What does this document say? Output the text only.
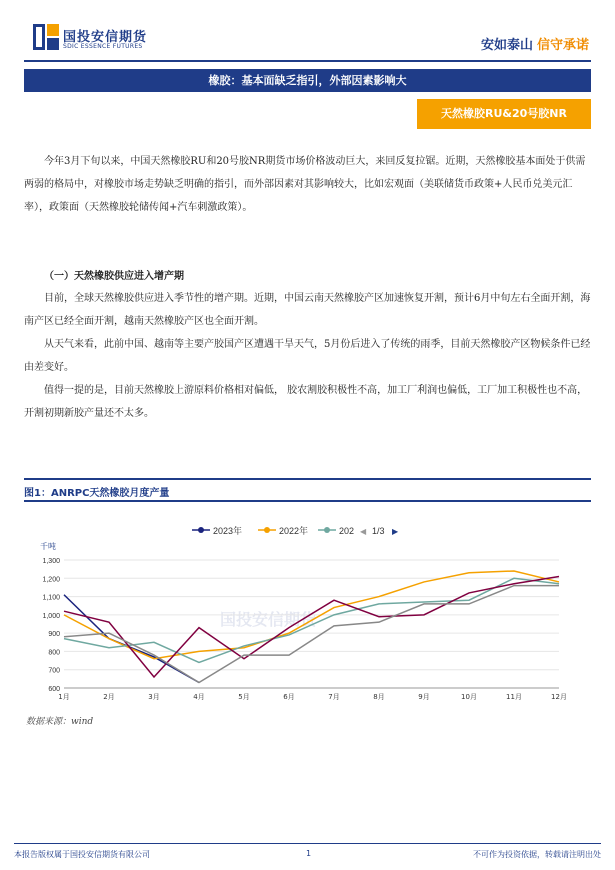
国投安信期货
SDIC ESSENCE FUTURES	安如泰山 信守承诺
橡胶：基本面缺乏指引，外部因素影响大
天然橡胶RU&20号胶NR
今年3月下旬以来，中国天然橡胶RU和20号胶NR期货市场价格波动巨大，来回反复拉锯。近期，天然橡胶基本面处于供需两弱的格局中，对橡胶市场走势缺乏明确的指引，而外部因素对其影响较大，比如宏观面（美联储货币政策+人民币兑美元汇率），政策面（天然橡胶轮储传闻+汽车刺激政策）。
（一）天然橡胶供应进入增产期
目前，全球天然橡胶供应进入季节性的增产期。近期，中国云南天然橡胶产区加速恢复开割，预计6月中旬左右全面开割，海南产区已经全面开割，越南天然橡胶产区也全面开割。
从天气来看，此前中国、越南等主要产胶国产区遭遇干旱天气，5月份后进入了传统的雨季，目前天然橡胶产区物候条件已经由差变好。
值得一提的是，目前天然橡胶上游原料价格相对偏低， 胶农割胶积极性不高，加工厂利润也偏低，工厂加工积极性也不高，开割初期新胶产量还不太多。
图1：ANRPC天然橡胶月度产量
2023年	2022年	202 ◀ 1/3 ▶
千吨
国投安信期货
600
700
800
900
1,000
1,100
1,200
1,300
1月	2月	3月	4月	5月	6月	7月	8月	9月	10月	11月	12月
数据来源：wind
本报告版权属于国投安信期货有限公司	1	不可作为投资依据，转载请注明出处
